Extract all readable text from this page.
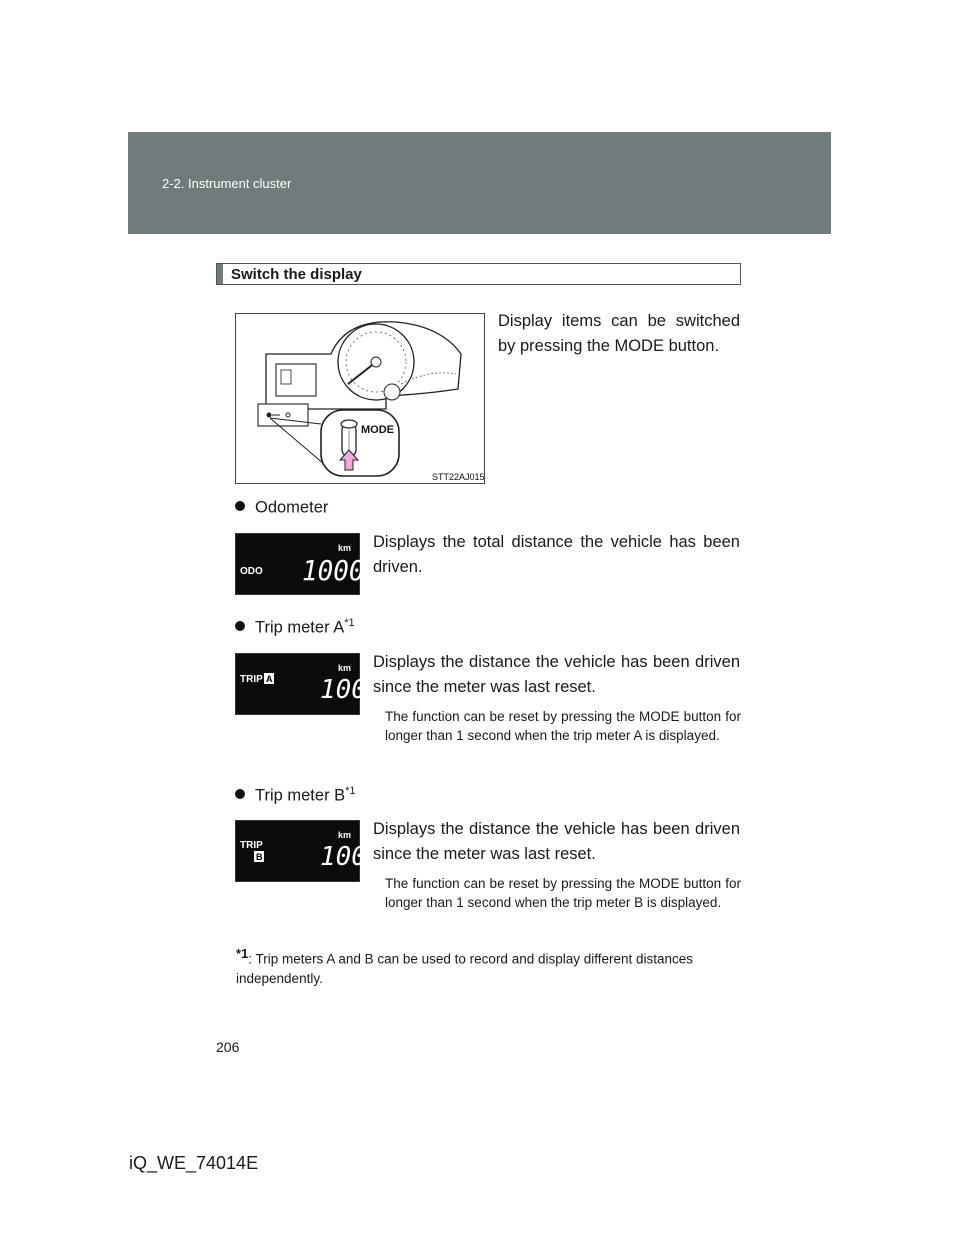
2-2. Instrument cluster
Switch the display
MODE
STT22AJ015
Display items can be switched by pressing the MODE button.
Odometer
ODO
km
1000
Displays the total distance the vehicle has been driven.
Trip meter $A^{*1}$
TRIP A
km
100
Displays the distance the vehicle has been driven since the meter was last reset.
The function can be reset by pressing the MODE button for longer than 1 second when the trip meter A is displayed.
Trip meter $B^{*1}$
TRIP
B
km
100
Displays the distance the vehicle has been driven since the meter was last reset.
The function can be reset by pressing the MODE button for longer than 1 second when the trip meter B is displayed.
*1: Trip meters A and B can be used to record and display different distances independently.
206
iQ_WE_74014E
